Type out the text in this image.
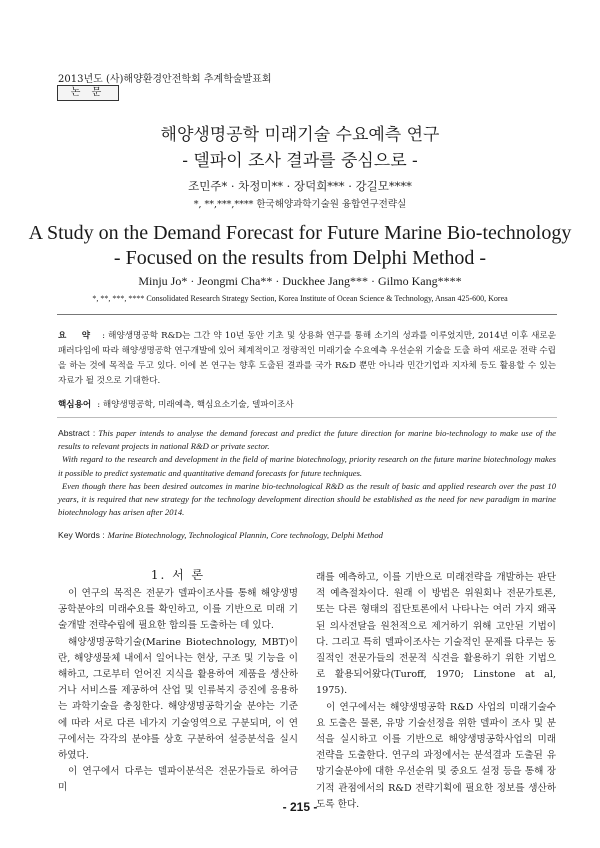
2013년도 (사)해양환경안전학회 추계학술발표회
논 문
해양생명공학 미래기술 수요예측 연구
- 델파이 조사 결과를 중심으로 -
조민주* · 차정미** · 장덕희*** · 강길모****
*, **,***,**** 한국해양과학기술원 융합연구전략실
A Study on the Demand Forecast for Future Marine Bio-technology
- Focused on the results from Delphi Method -
Minju Jo* · Jeongmi Cha** · Duckhee Jang*** · Gilmo Kang****
*, **, ***, **** Consolidated Research Strategy Section, Korea Institute of Ocean Science & Technology, Ansan 425-600, Korea
요 약 : 해양생명공학 R&D는 그간 약 10년 동안 기초 및 상용화 연구를 통해 소기의 성과를 이루었지만, 2014년 이후 새로운 패러다임에 따라 해양생명공학 연구개발에 있어 체계적이고 정량적인 미래기술 수요예측 우선순위 기술을 도출 하여 새로운 전략 수립을 하는 것에 목적을 두고 있다. 이에 본 연구는 향후 도출된 결과를 국가 R&D 뿐만 아니라 민간기업과 지자체 등도 활용할 수 있는 자료가 될 것으로 기대한다.
핵심용어 : 해양생명공학, 미래예측, 핵심요소기술, 델파이조사

Abstract : This paper intends to analyse the demand forecast and predict the future direction for marine bio-technology to make use of the results to relevant projects in national R&D or private sector.

With regard to the research and development in the field of marine biotechnology, priority research on the future marine biotechnology makes it possible to predict systematic and quantitative demand forecasts for future techniques.

Even though there has been desired outcomes in marine bio-technological R&D as the result of basic and applied research over the past 10 years, it is required that new strategy for the technology development direction should be established as the need for new paradigm in marine biotechnology has arisen after 2014.

Key Words : Marine Biotechnology, Technological Plannin, Core technology, Delphi Method
1. 서 론

이 연구의 목적은 전문가 델파이조사를 통해 해양생명공학분야의 미래수요를 확인하고, 이를 기반으로 미래 기술개발 전략수립에 필요한 합의를 도출하는 데 있다.

해양생명공학기술(Marine Biotechnology, MBT)이란, 해양생물체 내에서 일어나는 현상, 구조 및 기능을 이해하고, 그로부터 얻어진 지식을 활용하여 제품을 생산하거나 서비스를 제공하여 산업 및 인류복지 증진에 응용하는 과학기술을 총칭한다. 해양생명공학기술 분야는 기준에 따라 서로 다른 네가지 기술영역으로 구분되며, 이 연구에서는 각각의 분야를 상호 구분하여 설증분석을 실시하였다.

이 연구에서 다루는 델파이분석은 전문가들로 하여금 미

래를 예측하고, 이를 기반으로 미래전략을 개발하는 판단적 예측절차이다. 원래 이 방법은 위원회나 전문가토론, 또는 다른 형태의 집단토론에서 나타나는 여러 가지 왜곡된 의사전달을 원천적으로 제거하기 위해 고안된 기법이다. 그리고 특히 델파이조사는 기술적인 문제를 다루는 동질적인 전문가들의 전문적 식견을 활용하기 위한 기법으로 활용되어왔다(Turoff, 1970; Linstone at al, 1975).

이 연구에서는 해양생명공학 R&D 사업의 미래기술수요 도출은 물론, 유망 기술선정을 위한 델파이 조사 및 분석을 실시하고 이를 기반으로 해양생명공학사업의 미래 전략을 도출한다. 연구의 과정에서는 분석결과 도출된 유망기술분야에 대한 우선순위 및 중요도 설정 등을 통해 장기적 관점에서의 R&D 전략기획에 필요한 정보를 생산하도록 한다.

- 215 -
